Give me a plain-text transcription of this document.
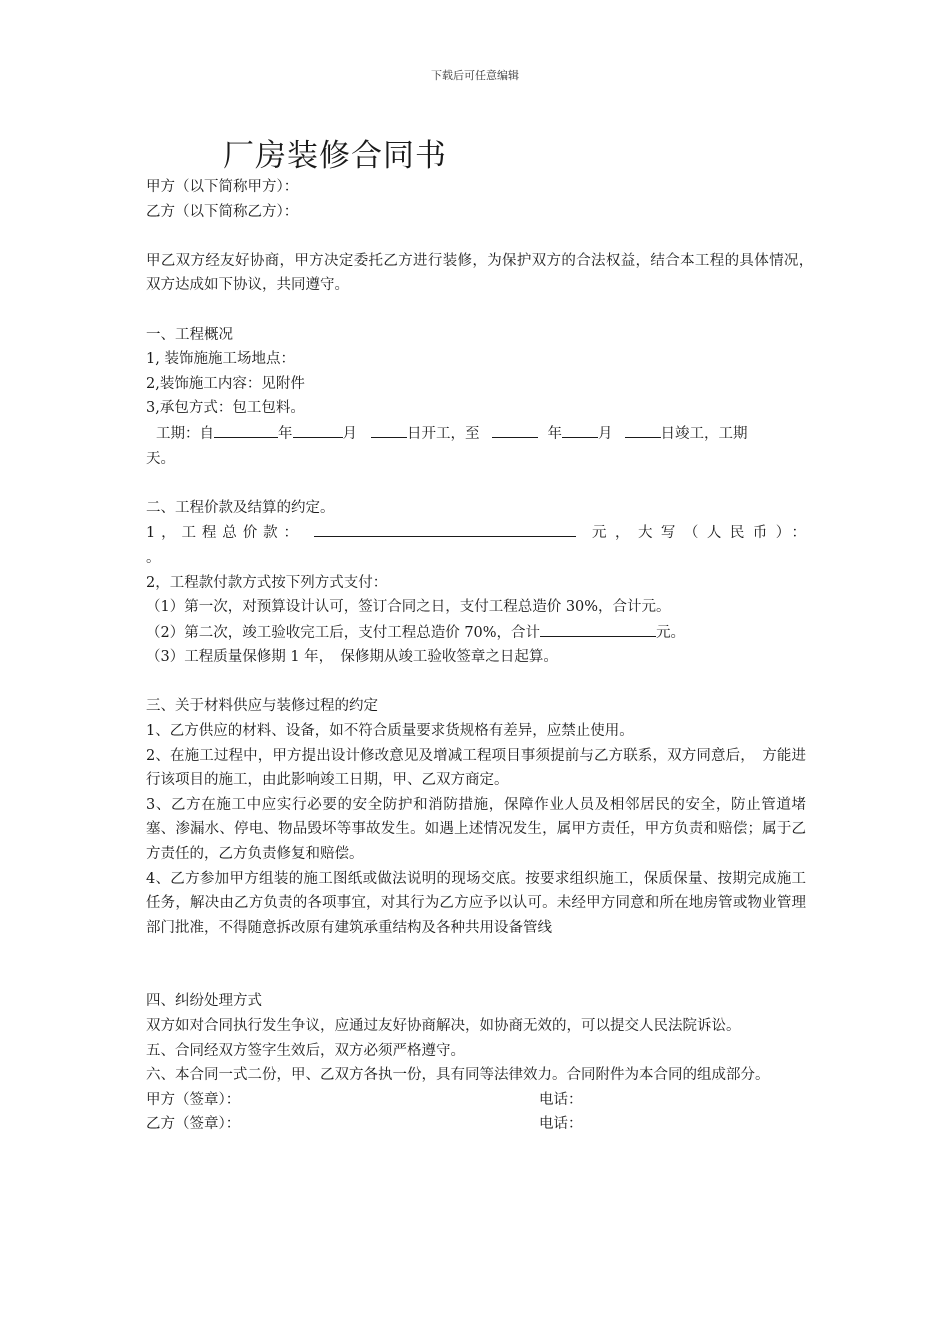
下载后可任意编辑
厂房装修合同书
甲方（以下简称甲方）：
乙方（以下简称乙方）：
甲乙双方经友好协商，甲方决定委托乙方进行装修，为保护双方的合法权益，结合本工程的具体情况，　双方达成如下协议，共同遵守。
一、工程概况
1, 装饰施施工场地点：
2,装饰施工内容：见附件
3,承包方式：包工包料。
工期：自	年	月	日开工，至	年 月	日竣工，工期
天。
二、工程价款及结算的约定。
1，工程总价款：	元，大写（人民币）：
。
2，工程款付款方式按下列方式支付：
（1）第一次，对预算设计认可，签订合同之日，支付工程总造价 30%，合计元。
（2）第二次，竣工验收完工后，支付工程总造价 70%，合计	元。
（3）工程质量保修期 1 年，　保修期从竣工验收签章之日起算。
三、关于材料供应与装修过程的约定
1、乙方供应的材料、设备，如不符合质量要求货规格有差异，应禁止使用。
2、在施工过程中，甲方提出设计修改意见及增减工程项目事须提前与乙方联系，双方同意后，　方能进行该项目的施工，由此影响竣工日期，甲、乙双方商定。
3、乙方在施工中应实行必要的安全防护和消防措施，保障作业人员及相邻居民的安全，防止管道堵塞、渗漏水、停电、物品毁坏等事故发生。如遇上述情况发生，属甲方责任，甲方负责和赔偿；属于乙方责任的，乙方负责修复和赔偿。
4、乙方参加甲方组装的施工图纸或做法说明的现场交底。按要求组织施工，保质保量、按期完成施工任务，解决由乙方负责的各项事宜，对其行为乙方应予以认可。未经甲方同意和所在地房管或物业管理部门批准，不得随意拆改原有建筑承重结构及各种共用设备管线
四、纠纷处理方式
双方如对合同执行发生争议，应通过友好协商解决，如协商无效的，可以提交人民法院诉讼。
五、合同经双方签字生效后，双方必须严格遵守。
六、本合同一式二份，甲、乙双方各执一份，具有同等法律效力。合同附件为本合同的组成部分。
甲方（签章）：	电话：
乙方（签章）：	电话：
